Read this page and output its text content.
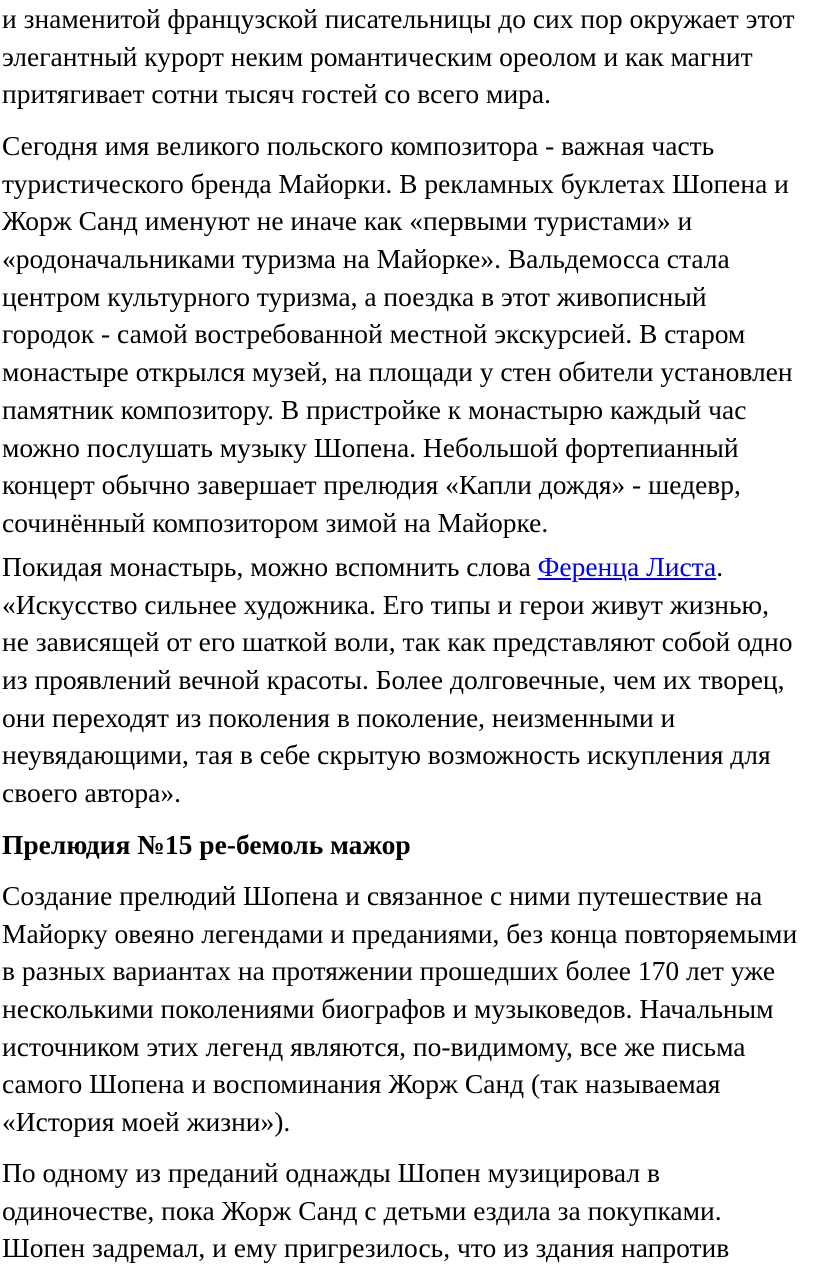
и знаменитой французской писательницы до сих пор окружает этот
элегантный курорт неким романтическим ореолом и как магнит
притягивает сотни тысяч гостей со всего мира.
Сегодня имя великого польского композитора - важная часть
туристического бренда Майорки. В рекламных буклетах Шопена и
Жорж Санд именуют не иначе как «первыми туристами» и
«родоначальниками туризма на Майорке». Вальдемосса стала
центром культурного туризма, а поездка в этот живописный
городок - самой востребованной местной экскурсией. В старом
монастыре открылся музей, на площади у стен обители установлен
памятник композитору. В пристройке к монастырю каждый час
можно послушать музыку Шопена. Небольшой фортепианный
концерт обычно завершает прелюдия «Капли дождя» - шедевр,
сочинённый композитором зимой на Майорке.
Покидая монастырь, можно вспомнить слова Ференца Листа.
«Искусство сильнее художника. Его типы и герои живут жизнью,
не зависящей от его шаткой воли, так как представляют собой одно
из проявлений вечной красоты. Более долговечные, чем их творец,
они переходят из поколения в поколение, неизменными и
неувядающими, тая в себе скрытую возможность искупления для
своего автора».
Прелюдия №15 ре-бемоль мажор
Создание прелюдий Шопена и связанное с ними путешествие на
Майорку овеяно легендами и преданиями, без конца повторяемыми
в разных вариантах на протяжении прошедших более 170 лет уже
несколькими поколениями биографов и музыковедов. Начальным
источником этих легенд являются, по-видимому, все же письма
самого Шопена и воспоминания Жорж Санд (так называемая
«История моей жизни»).
По одному из преданий однажды Шопен музицировал в
одиночестве, пока Жорж Санд с детьми ездила за покупками.
Шопен задремал, и ему пригрезилось, что из здания напротив
